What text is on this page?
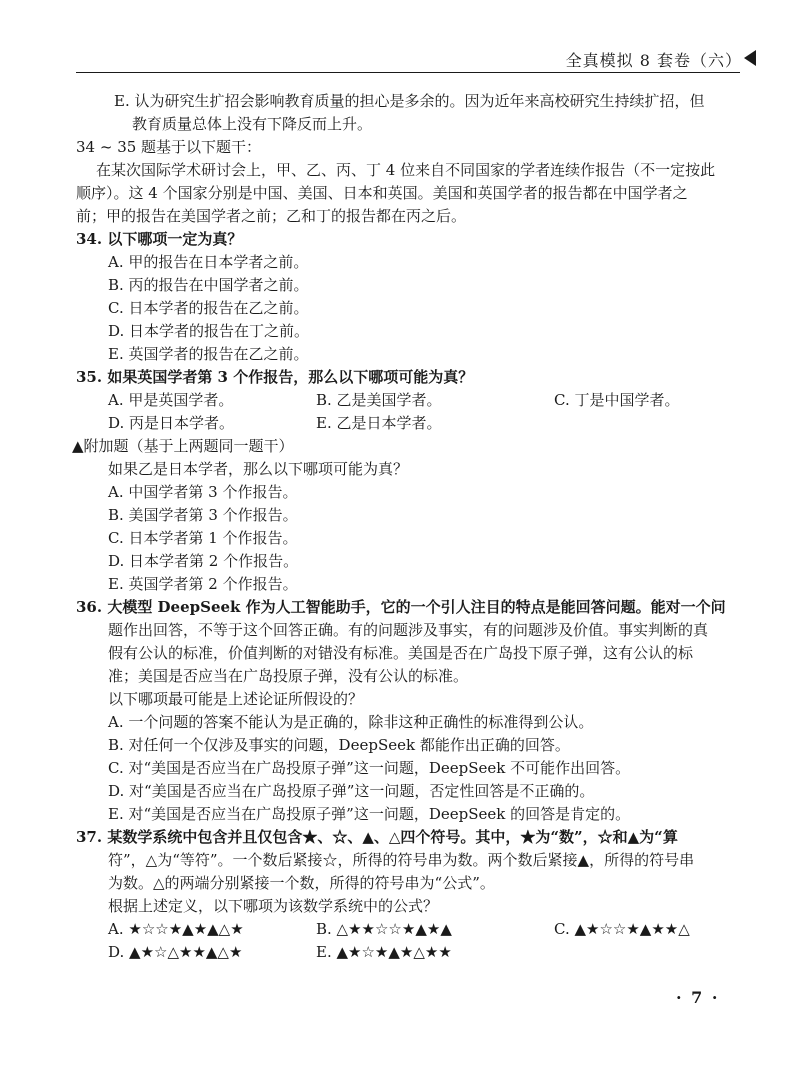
全真模拟 8 套卷（六）
E. 认为研究生扩招会影响教育质量的担心是多余的。因为近年来高校研究生持续扩招，但
教育质量总体上没有下降反而上升。
34 ~ 35 题基于以下题干：
在某次国际学术研讨会上，甲、乙、丙、丁 4 位来自不同国家的学者连续作报告（不一定按此
顺序）。这 4 个国家分别是中国、美国、日本和英国。美国和英国学者的报告都在中国学者之
前；甲的报告在美国学者之前；乙和丁的报告都在丙之后。
34. 以下哪项一定为真？
A. 甲的报告在日本学者之前。
B. 丙的报告在中国学者之前。
C. 日本学者的报告在乙之前。
D. 日本学者的报告在丁之前。
E. 英国学者的报告在乙之前。
35. 如果英国学者第 3 个作报告，那么以下哪项可能为真？
A. 甲是英国学者。	B. 乙是美国学者。	C. 丁是中国学者。
D. 丙是日本学者。	E. 乙是日本学者。
▲附加题（基于上两题同一题干）
如果乙是日本学者，那么以下哪项可能为真？
A. 中国学者第 3 个作报告。
B. 美国学者第 3 个作报告。
C. 日本学者第 1 个作报告。
D. 日本学者第 2 个作报告。
E. 英国学者第 2 个作报告。
36. 大模型 DeepSeek 作为人工智能助手，它的一个引人注目的特点是能回答问题。能对一个问
题作出回答，不等于这个回答正确。有的问题涉及事实，有的问题涉及价值。事实判断的真
假有公认的标准，价值判断的对错没有标准。美国是否在广岛投下原子弹，这有公认的标
准；美国是否应当在广岛投原子弹，没有公认的标准。
以下哪项最可能是上述论证所假设的？
A. 一个问题的答案不能认为是正确的，除非这种正确性的标准得到公认。
B. 对任何一个仅涉及事实的问题，DeepSeek 都能作出正确的回答。
C. 对“美国是否应当在广岛投原子弹”这一问题，DeepSeek 不可能作出回答。
D. 对“美国是否应当在广岛投原子弹”这一问题，否定性回答是不正确的。
E. 对“美国是否应当在广岛投原子弹”这一问题，DeepSeek 的回答是肯定的。
37. 某数学系统中包含并且仅包含★、☆、▲、△四个符号。其中，★为“数”，☆和▲为“算
符”，△为“等符”。一个数后紧接☆，所得的符号串为数。两个数后紧接▲，所得的符号串
为数。△的两端分别紧接一个数，所得的符号串为“公式”。
根据上述定义，以下哪项为该数学系统中的公式？
A. ★☆☆★▲★▲△★	B. △★★☆☆★▲★▲	C. ▲★☆☆★▲★★△
D. ▲★☆△★★▲△★	E. ▲★☆★▲★△★★
· 7 ·
